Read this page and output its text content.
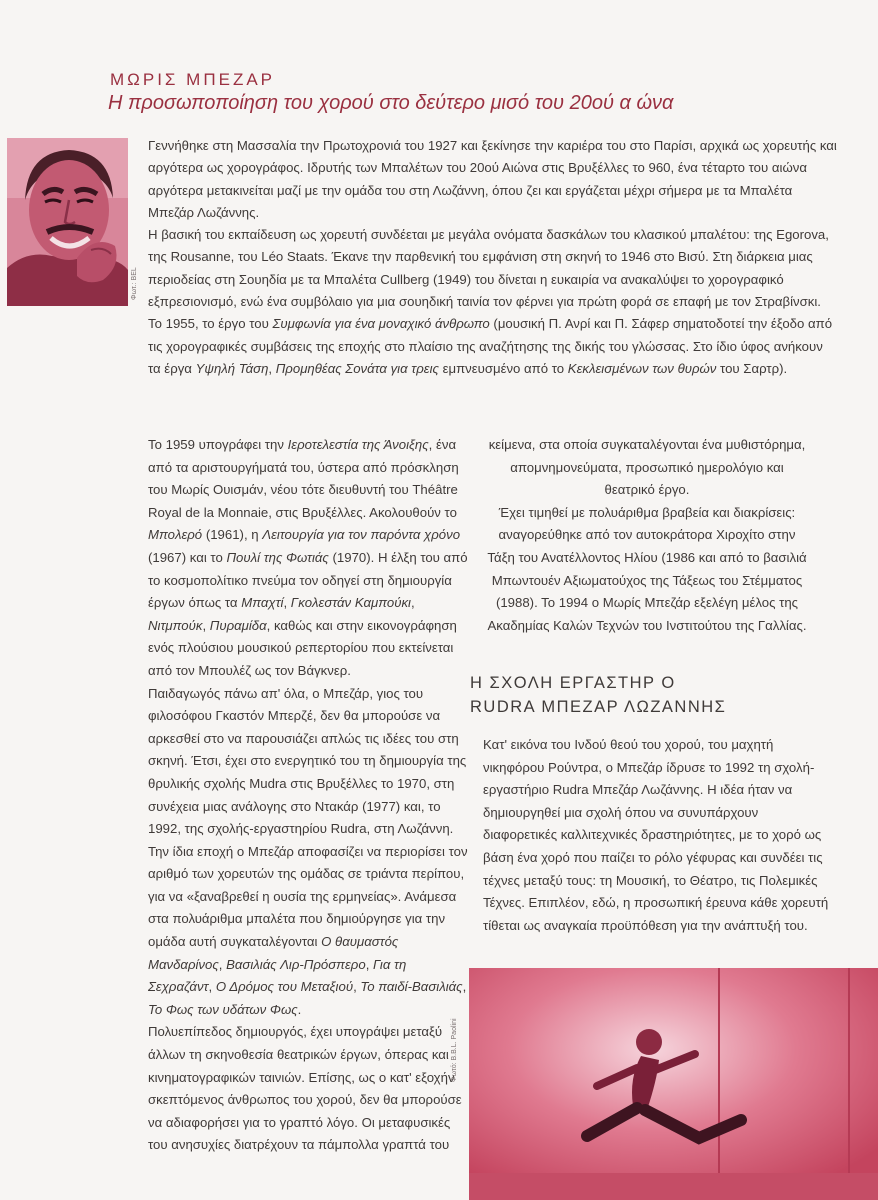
ΜΩΡΙΣ ΜΠΕΖΑΡ
Η προσωποποίηση του χορού στο δεύτερο μισό του 20ού α ώνα
Φωτ.: BEL

Γεννήθηκε στη Μασσαλία την Πρωτοχρονιά του 1927 και ξεκίνησε την καριέρα του στο Παρίσι, αρχικά ως χορευτής και αργότερα ως χορογράφος. Ιδρυτής των Μπαλέτων του 20ού Αιώνα στις Βρυξέλλες το 960, ένα τέταρτο του αιώνα αργότερα μετακινείται μαζί με την ομάδα του στη Λωζάννη, όπου ζει και εργάζεται μέχρι σήμερα με τα Μπαλέτα Μπεζάρ Λωζάννης.

Η βασική του εκπαίδευση ως χορευτή συνδέεται με μεγάλα ονόματα δασκάλων του κλασικού μπαλέτου: της Egorova, της Rousanne, του Léo Staats. Έκανε την παρθενική του εμφάνιση στη σκηνή το 1946 στο Βισύ. Στη διάρκεια μιας περιοδείας στη Σουηδία με τα Μπαλέτα Cullberg (1949) του δίνεται η ευκαιρία να ανακαλύψει το χορογραφικό εξπρεσιονισμό, ενώ ένα συμβόλαιο για μια σουηδική ταινία τον φέρνει για πρώτη φορά σε επαφή με τον Στραβίνσκι.

Το 1955, το έργο του Συμφωνία για ένα μοναχικό άνθρωπο (μουσική Π. Ανρί και Π. Σάφερ σηματοδοτεί την έξοδο από τις χορογραφικές συμβάσεις της εποχής στο πλαίσιο της αναζήτησης της δικής του γλώσσας. Στο ίδιο ύφος ανήκουν τα έργα Υψηλή Τάση, Προμηθέας Σονάτα για τρεις εμπνευσμένο από το Κεκλεισμένων των θυρών του Σαρτρ).

Το 1959 υπογράφει την Ιεροτελεστία της Άνοιξης, ένα από τα αριστουργήματά του, ύστερα από πρόσκληση του Μωρίς Ουισμάν, νέου τότε διευθυντή του Théâtre Royal de la Monnaie, στις Βρυξέλλες. Ακολουθούν το Μπολερό (1961), η Λειτουργία για τον παρόντα χρόνο (1967) και το Πουλί της Φωτιάς (1970). Η έλξη του από το κοσμοπολίτικο πνεύμα τον οδηγεί στη δημιουργία έργων όπως τα Μπαχτί, Γκολεστάν Καμπούκι, Νιτμπούκ, Πυραμίδα, καθώς και στην εικονογράφηση ενός πλούσιου μουσικού ρεπερτορίου που εκτείνεται από τον Μπουλέζ ως τον Βάγκνερ.

Παιδαγωγός πάνω απ' όλα, ο Μπεζάρ, γιος του φιλοσόφου Γκαστόν Μπερζέ, δεν θα μπορούσε να αρκεσθεί στο να παρουσιάζει απλώς τις ιδέες του στη σκηνή. Έτσι, έχει στο ενεργητικό του τη δημιουργία της θρυλικής σχολής Mudra στις Βρυξέλλες το 1970, στη συνέχεια μιας ανάλογης στο Ντακάρ (1977) και, το 1992, της σχολής-εργαστηρίου Rudra, στη Λωζάννη. Την ίδια εποχή ο Μπεζάρ αποφασίζει να περιορίσει τον αριθμό των χορευτών της ομάδας σε τριάντα περίπου, για να «ξαναβρεθεί η ουσία της ερμηνείας». Ανάμεσα στα πολυάριθμα μπαλέτα που δημιούργησε για την ομάδα αυτή συγκαταλέγονται Ο θαυμαστός Μανδαρίνος, Βασιλιάς Λιρ-Πρόσπερο, Για τη Σεχραζάντ, Ο Δρόμος του Μεταξιού, Το παιδί-Βασιλιάς, Το Φως των υδάτων Φως.

Πολυεπίπεδος δημιουργός, έχει υπογράψει μεταξύ άλλων τη σκηνοθεσία θεατρικών έργων, όπερας και κινηματογραφικών ταινιών. Επίσης, ως ο κατ' εξοχήν σκεπτόμενος άνθρωπος του χορού, δεν θα μπορούσε να αδιαφορήσει για το γραπτό λόγο. Οι μεταφυσικές του ανησυχίες διατρέχουν τα πάμπολλα γραπτά του

κείμενα, στα οποία συγκαταλέγονται ένα μυθιστόρημα, απομνημονεύματα, προσωπικό ημερολόγιο και θεατρικό έργο.

Έχει τιμηθεί με πολυάριθμα βραβεία και διακρίσεις: αναγορεύθηκε από τον αυτοκράτορα Χιροχίτο στην Τάξη του Ανατέλλοντος Ηλίου (1986 και από το βασιλιά Μπωντουέν Αξιωματούχος της Τάξεως του Στέμματος (1988). Το 1994 ο Μωρίς Μπεζάρ εξελέγη μέλος της Ακαδημίας Καλών Τεχνών του Ινστιτούτου της Γαλλίας.

Η ΣΧΟΛΗ ΕΡΓΑΣΤΗΡ Ο
RUDRA ΜΠΕΖΑΡ ΛΩΖΑΝΝΗΣ

Κατ' εικόνα του Ινδού θεού του χορού, του μαχητή νικηφόρου Ρούντρα, ο Μπεζάρ ίδρυσε το 1992 τη σχολή-εργαστήριο Rudra Μπεζάρ Λωζάννης. Η ιδέα ήταν να δημιουργηθεί μια σχολή όπου να συνυπάρχουν διαφορετικές καλλιτεχνικές δραστηριότητες, με το χορό ως βάση ένα χορό που παίζει το ρόλο γέφυρας και συνδέει τις τέχνες μεταξύ τους: τη Μουσική, το Θέατρο, τις Πολεμικές Τέχνες. Επιπλέον, εδώ, η προσωπική έρευνα κάθε χορευτή τίθεται ως αναγκαία προϋπόθεση για την ανάπτυξή του.

Φωτό: B.B.L. Paolini
